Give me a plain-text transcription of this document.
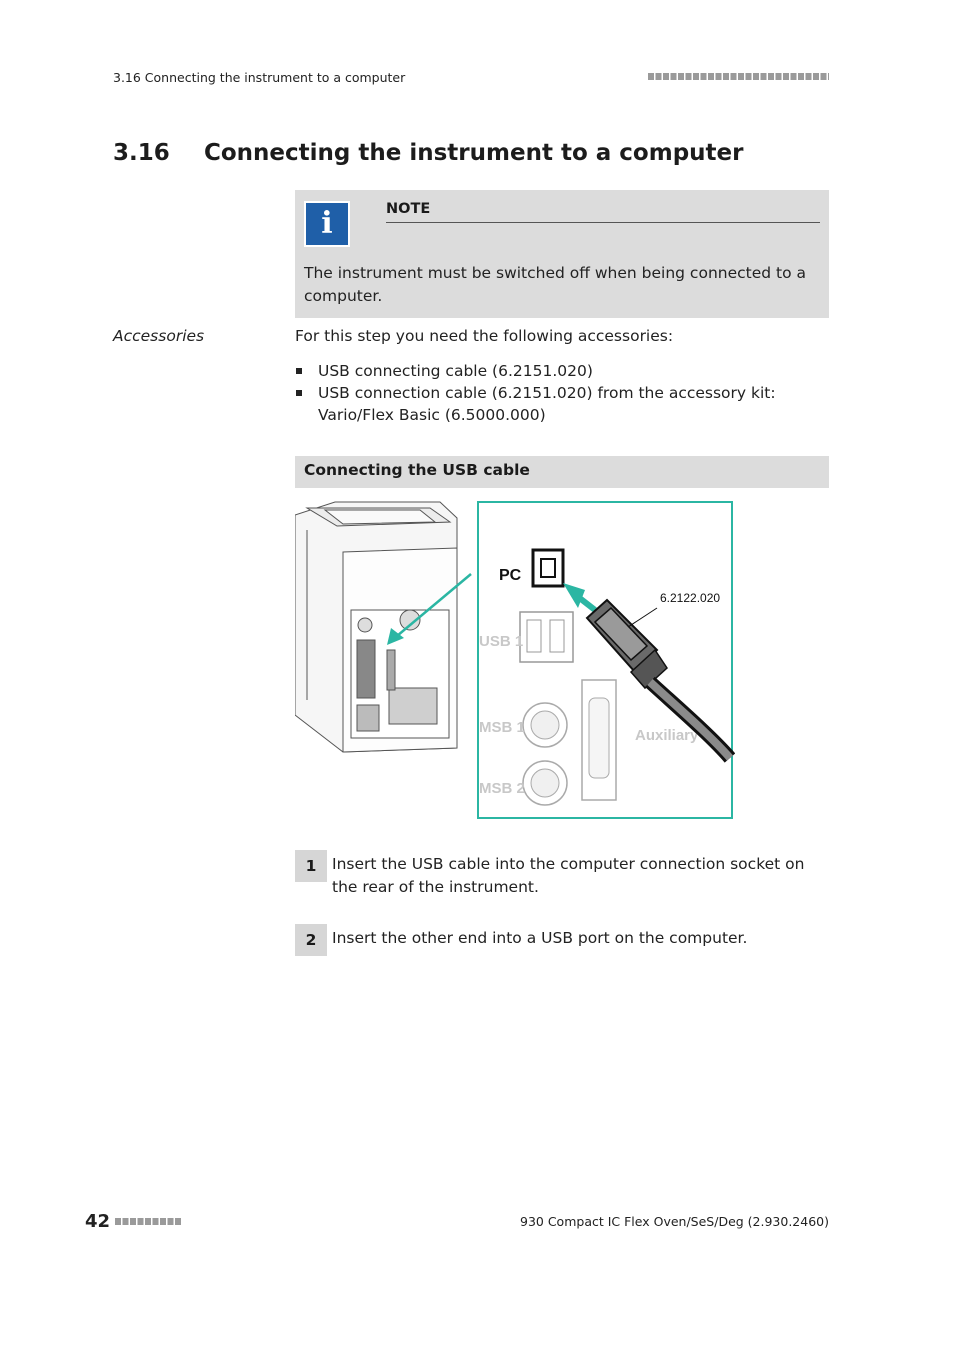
3.16 Connecting the instrument to a computer
3.16 Connecting the instrument to a computer
i	NOTE
The instrument must be switched off when being connected to a computer.
Accessories	For this step you need the following accessories:
USB connecting cable (6.2151.020)
USB connection cable (6.2151.020) from the accessory kit: Vario/Flex Basic (6.5000.000)
Connecting the USB cable
PC
USB 1
MSB 1
MSB 2
Auxiliary
6.2122.020
1	Insert the USB cable into the computer connection socket on the rear of the instrument.
2	Insert the other end into a USB port on the computer.
42	930 Compact IC Flex Oven/SeS/Deg (2.930.2460)
